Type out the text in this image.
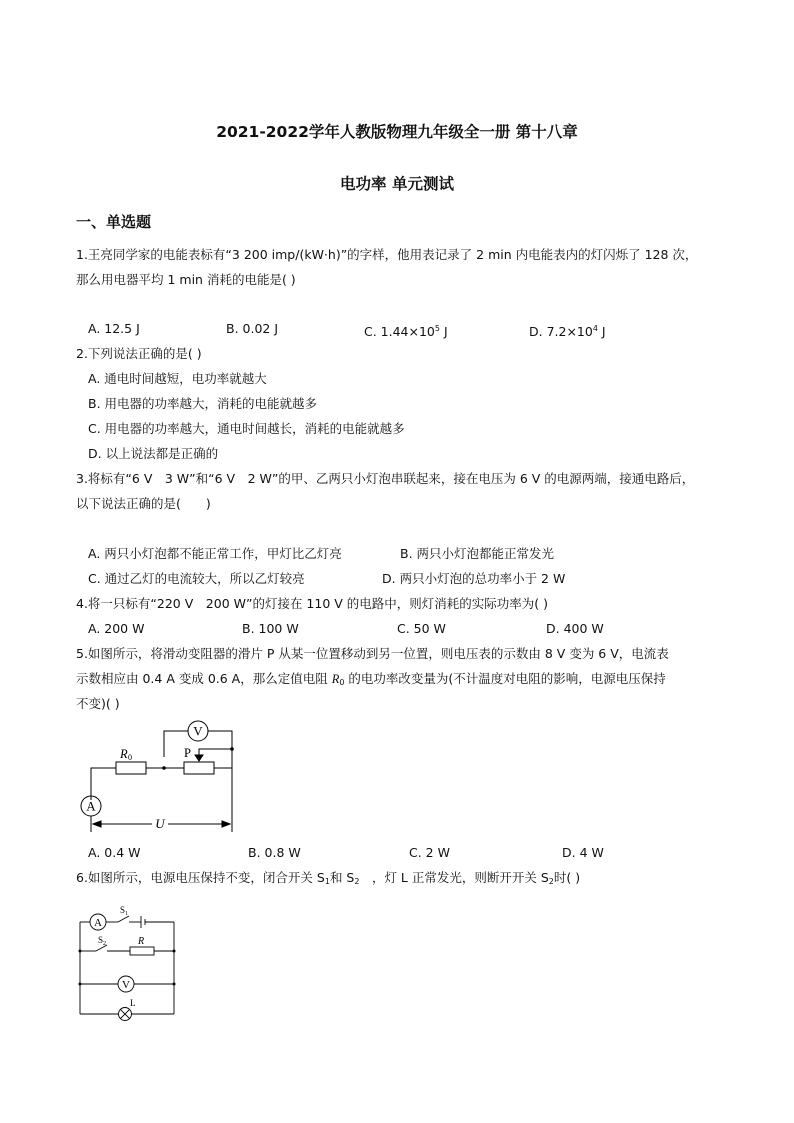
2021-2022学年人教版物理九年级全一册 第十八章
电功率 单元测试
一、单选题
1.王亮同学家的电能表标有“3 200 imp/(kW·h)”的字样，他用表记录了 2 min 内电能表内的灯闪烁了 128 次，
那么用电器平均 1 min 消耗的电能是( )
A. 12.5 J	B. 0.02 J	C. $1.44\times 10^5$ J	D. $7.2\times 10^4$ J
2.下列说法正确的是( )
A. 通电时间越短，电功率就越大
B. 用电器的功率越大，消耗的电能就越多
C. 用电器的功率越大，通电时间越长，消耗的电能就越多
D. 以上说法都是正确的
3.将标有“6 V　3 W”和“6 V　2 W”的甲、乙两只小灯泡串联起来，接在电压为 6 V 的电源两端，接通电路后，
以下说法正确的是(　　)
A. 两只小灯泡都不能正常工作，甲灯比乙灯亮	B. 两只小灯泡都能正常发光
C. 通过乙灯的电流较大，所以乙灯较亮	D. 两只小灯泡的总功率小于 2 W
4.将一只标有“220 V　200 W”的灯接在 110 V 的电路中，则灯消耗的实际功率为( )
A. 200 W	B. 100 W	C. 50 W	D. 400 W
5.如图所示，将滑动变阻器的滑片 P 从某一位置移动到另一位置，则电压表的示数由 8 V 变为 6 V，电流表
示数相应由 0.4 A 变成 0.6 A，那么定值电阻 $R_0$ 的电功率改变量为(不计温度对电阻的影响，电源电压保持
不变)( )
V
A
R 0	P
U
A. 0.4 W	B. 0.8 W	C. 2 W	D. 4 W
6.如图所示，电源电压保持不变，闭合开关 $S_1$和 $S_2$　，灯 L 正常发光，则断开开关 $S_2$时( )
A
S 1
S 2	R
V
L
